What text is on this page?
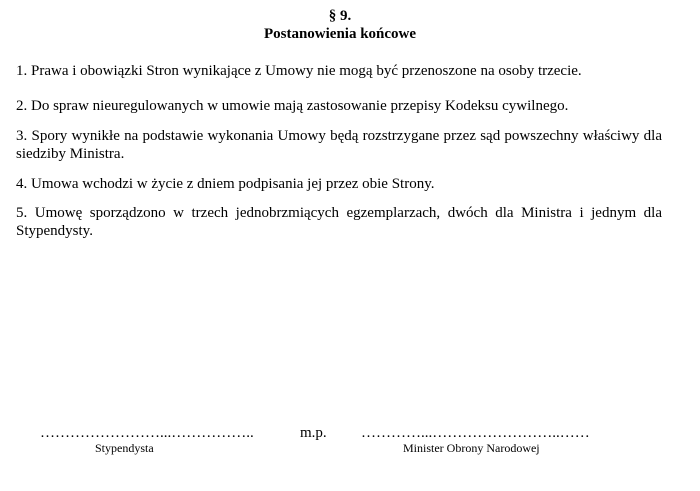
§ 9.
Postanowienia końcowe
1. Prawa i obowiązki Stron wynikające z Umowy nie mogą być przenoszone na osoby trzecie.
2. Do spraw nieuregulowanych w umowie mają zastosowanie przepisy Kodeksu cywilnego.
3. Spory wynikłe na podstawie wykonania Umowy będą rozstrzygane przez sąd powszechny właściwy dla siedziby Ministra.
4. Umowa wchodzi w życie z dniem podpisania jej przez obie Strony.
5. Umowę sporządzono w trzech jednobrzmiących egzemplarzach, dwóch dla Ministra i jednym dla Stypendysty.
……………………...……………..	m.p. …………...……………………..……
Stypendysta	Minister Obrony Narodowej
